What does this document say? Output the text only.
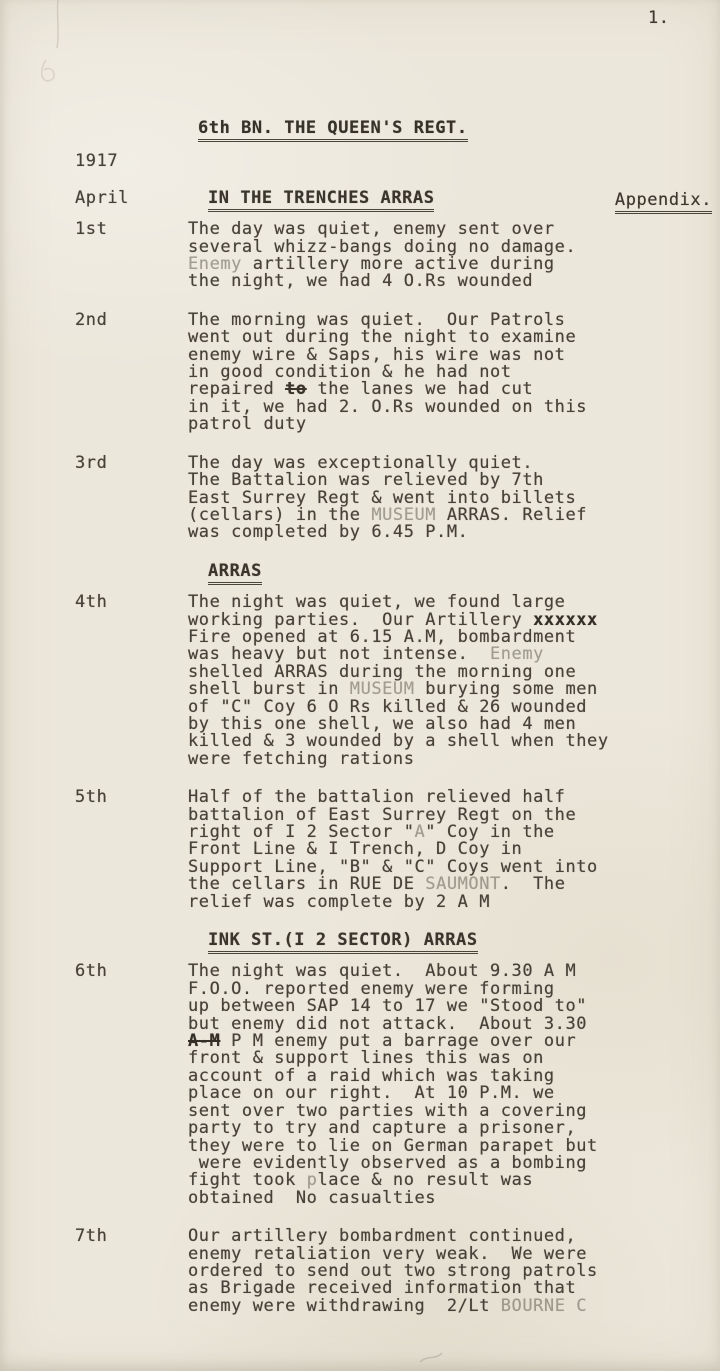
1.
6th BN. THE QUEEN'S REGT.
1917
April	IN THE TRENCHES ARRAS	Appendix.
1st	The day was quiet, enemy sent over
several whizz-bangs doing no damage.
Enemy artillery more active during
the night, we had 4 O.Rs wounded
2nd	The morning was quiet.  Our Patrols
went out during the night to examine
enemy wire & Saps, his wire was not
in good condition & he had not
repaired to the lanes we had cut
in it, we had 2. O.Rs wounded on this
patrol duty
3rd	The day was exceptionally quiet.
The Battalion was relieved by 7th
East Surrey Regt & went into billets
(cellars) in the MUSEUM ARRAS. Relief
was completed by 6.45 P.M.
ARRAS
4th	The night was quiet, we found large
working parties.  Our Artillery xxxxxx
Fire opened at 6.15 A.M, bombardment
was heavy but not intense.  Enemy
shelled ARRAS during the morning one
shell burst in MUSEUM burying some men
of "C" Coy 6 O Rs killed & 26 wounded
by this one shell, we also had 4 men
killed & 3 wounded by a shell when they
were fetching rations
5th	Half of the battalion relieved half
battalion of East Surrey Regt on the
right of I 2 Sector "A" Coy in the
Front Line & I Trench, D Coy in
Support Line, "B" & "C" Coys went into
the cellars in RUE DE SAUMONT.  The
relief was complete by 2 A M
INK ST.(I 2 SECTOR) ARRAS
6th	The night was quiet.  About 9.30 A M
F.O.O. reported enemy were forming
up between SAP 14 to 17 we "Stood to"
but enemy did not attack.  About 3.30
A-M P M enemy put a barrage over our
front & support lines this was on
account of a raid which was taking
place on our right.  At 10 P.M. we
sent over two parties with a covering
party to try and capture a prisoner,
they were to lie on German parapet but
were evidently observed as a bombing
fight took place & no result was
obtained  No casualties
7th	Our artillery bombardment continued,
enemy retaliation very weak.  We were
ordered to send out two strong patrols
as Brigade received information that
enemy were withdrawing  2/Lt BOURNE C
